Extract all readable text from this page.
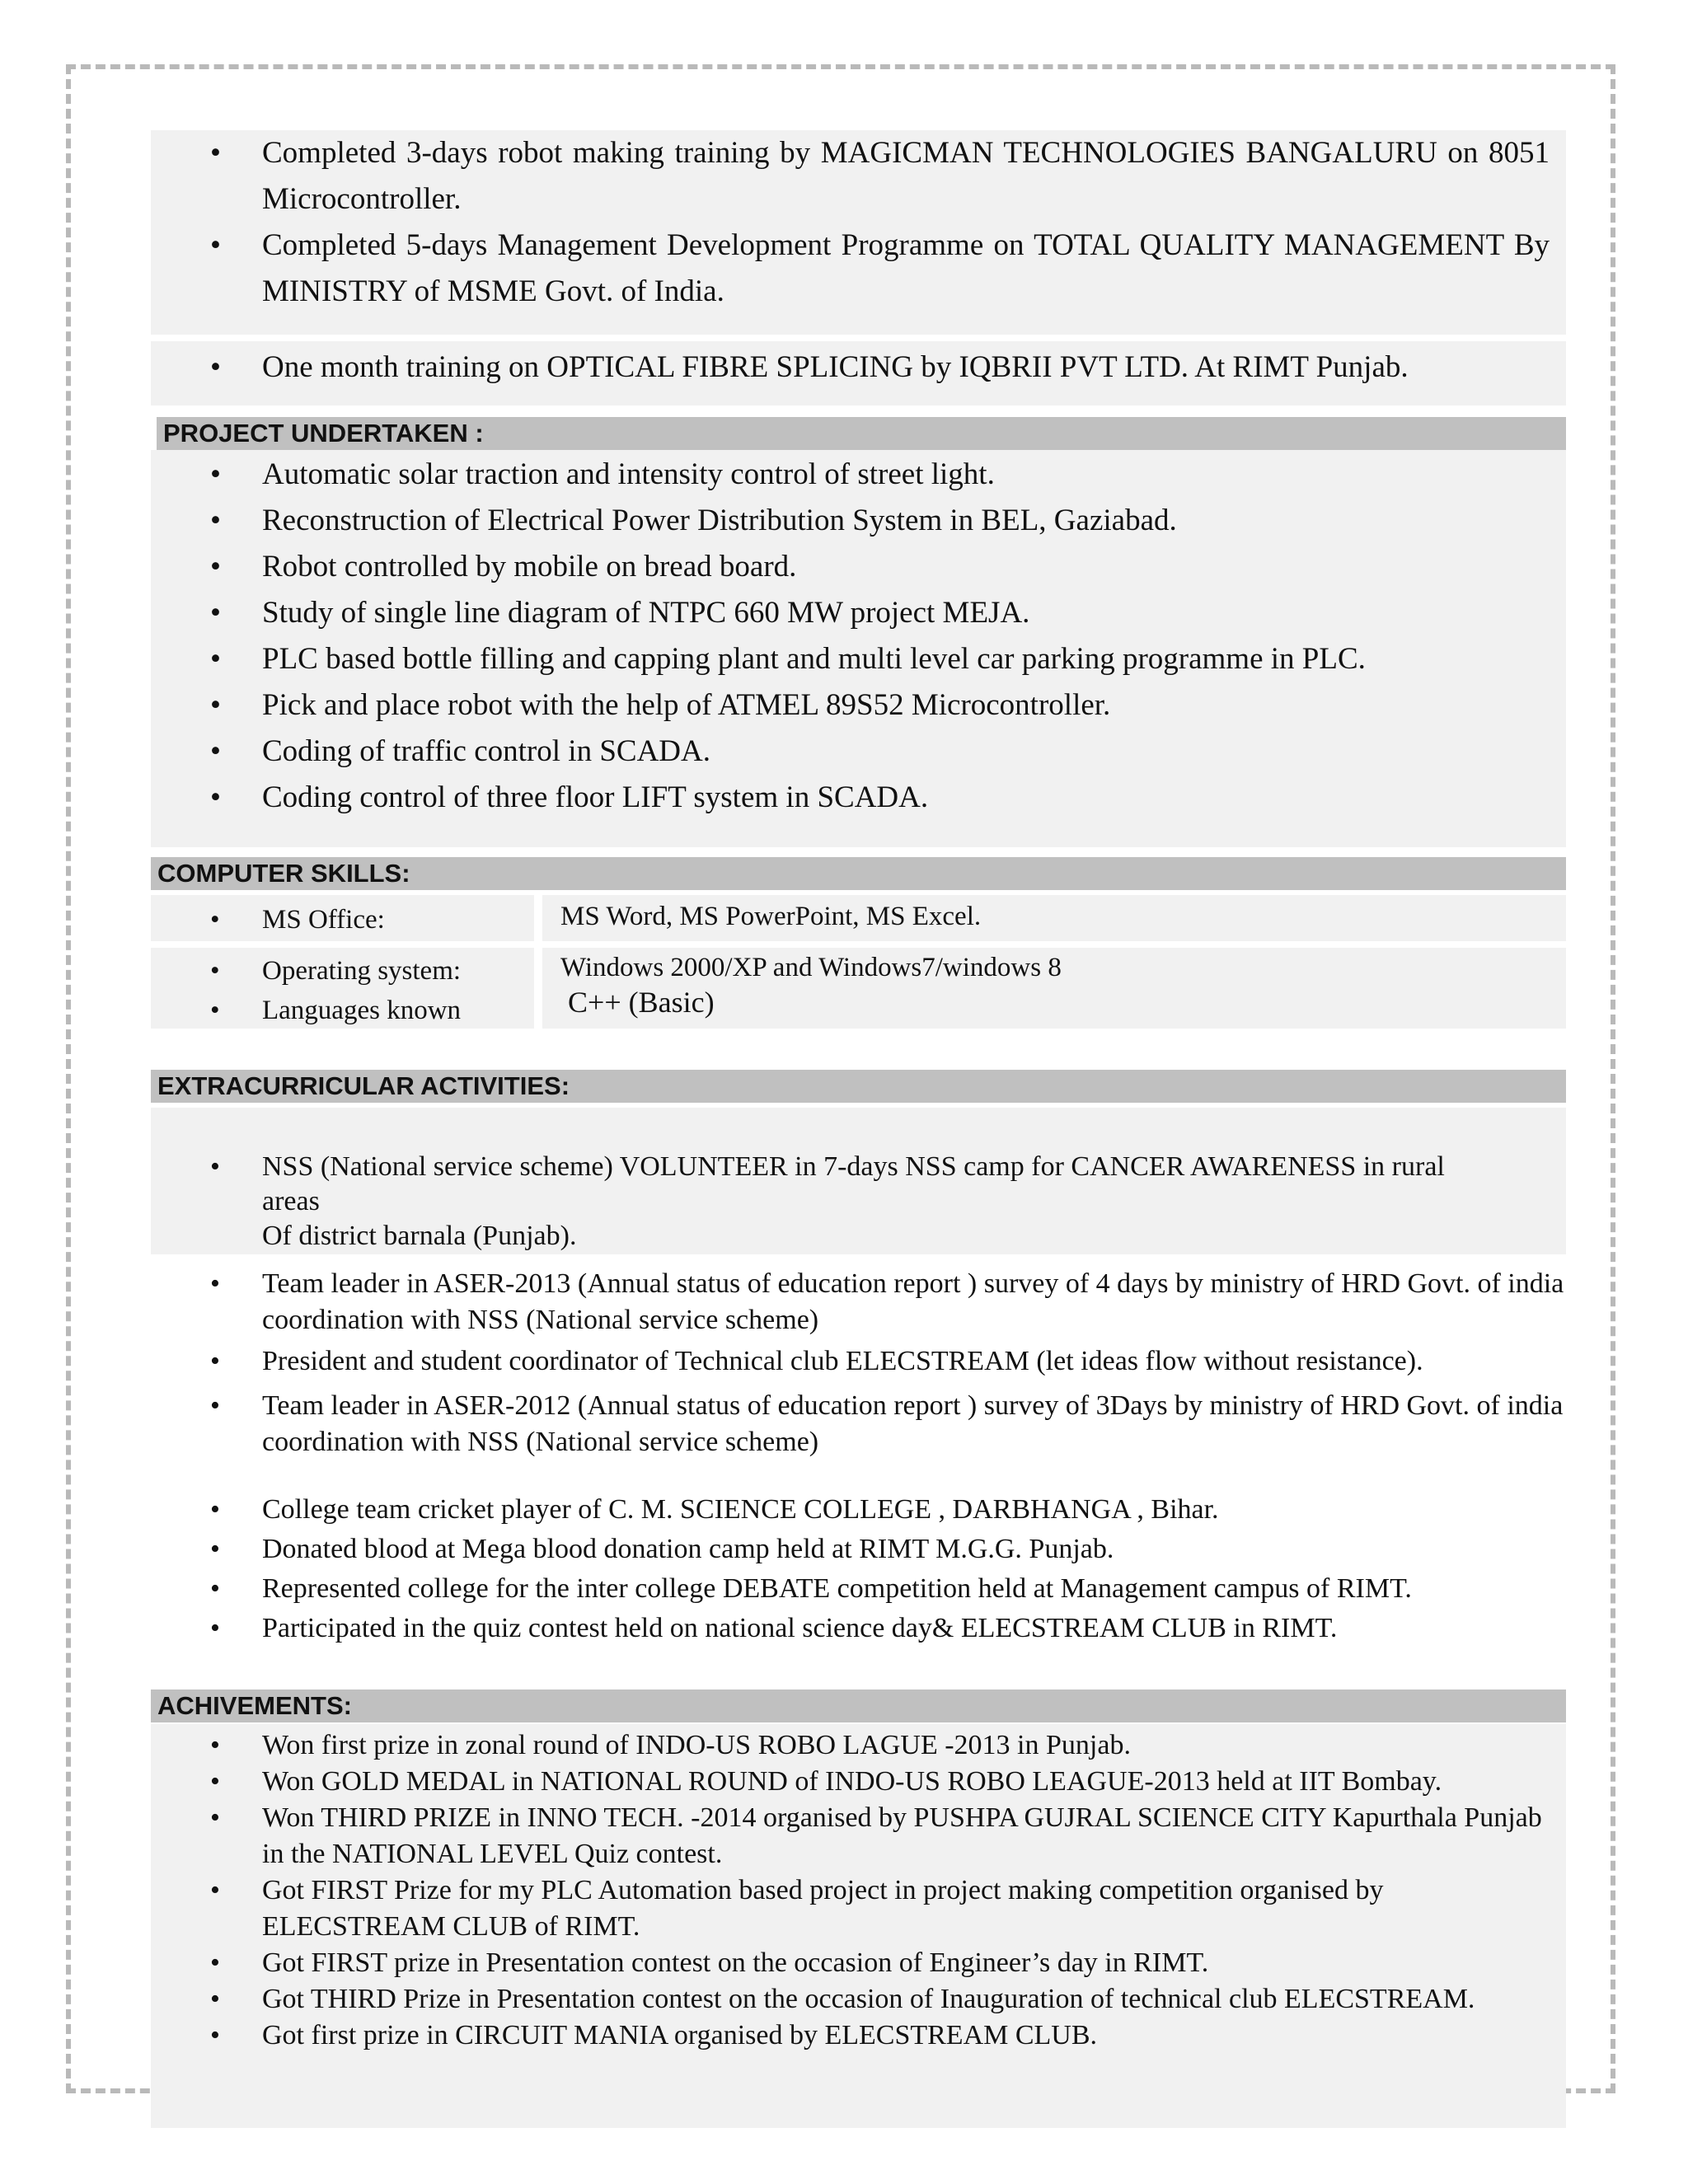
• Completed 3-days robot making training by MAGICMAN TECHNOLOGIES BANGALURU on 8051 Microcontroller.
• Completed 5-days Management Development Programme on TOTAL QUALITY MANAGEMENT By MINISTRY of MSME Govt. of India.
• One month training on OPTICAL FIBRE SPLICING by IQBRII PVT LTD. At RIMT Punjab.
PROJECT UNDERTAKEN :
• Automatic solar traction and intensity control of street light.
• Reconstruction of Electrical Power Distribution System in BEL, Gaziabad.
• Robot controlled by mobile on bread board.
• Study of single line diagram of NTPC 660 MW project MEJA.
• PLC based bottle filling and capping plant and multi level car parking programme in PLC.
• Pick and place robot with the help of ATMEL 89S52 Microcontroller.
• Coding of traffic control in SCADA.
• Coding control of three floor LIFT system in SCADA.
COMPUTER SKILLS:
• MS Office:	MS Word, MS PowerPoint, MS Excel.
• Operating system:
• Languages known
Windows 2000/XP and Windows7/windows 8
C++ (Basic)
EXTRACURRICULAR ACTIVITIES:
• NSS (National service scheme) VOLUNTEER in 7-days NSS camp for CANCER AWARENESS in rural
areas
Of district barnala (Punjab).
• Team leader in ASER-2013 (Annual status of education report ) survey of 4 days by ministry of HRD Govt. of india coordination with NSS (National service scheme)
• President and student coordinator of Technical club ELECSTREAM (let ideas flow without resistance).
• Team leader in ASER-2012 (Annual status of education report ) survey of 3Days by ministry of HRD Govt. of india coordination with NSS (National service scheme)
• College team cricket player of C. M. SCIENCE COLLEGE , DARBHANGA , Bihar.
• Donated blood at Mega blood donation camp held at RIMT M.G.G. Punjab.
• Represented college for the inter college DEBATE competition held at Management campus of RIMT.
• Participated in the quiz contest held on national science day& ELECSTREAM CLUB in RIMT.
ACHIVEMENTS:
• Won first prize in zonal round of INDO-US ROBO LAGUE -2013 in Punjab.
• Won GOLD MEDAL in NATIONAL ROUND of INDO-US ROBO LEAGUE-2013 held at IIT Bombay.
• Won THIRD PRIZE in INNO TECH. -2014 organised by PUSHPA GUJRAL SCIENCE CITY Kapurthala Punjab in the NATIONAL LEVEL Quiz contest.
• Got FIRST Prize for my PLC Automation based project in project making competition organised by ELECSTREAM CLUB of RIMT.
• Got FIRST prize in Presentation contest on the occasion of Engineer’s day in RIMT.
• Got THIRD Prize in Presentation contest on the occasion of Inauguration of technical club ELECSTREAM.
• Got first prize in CIRCUIT MANIA organised by ELECSTREAM CLUB.
